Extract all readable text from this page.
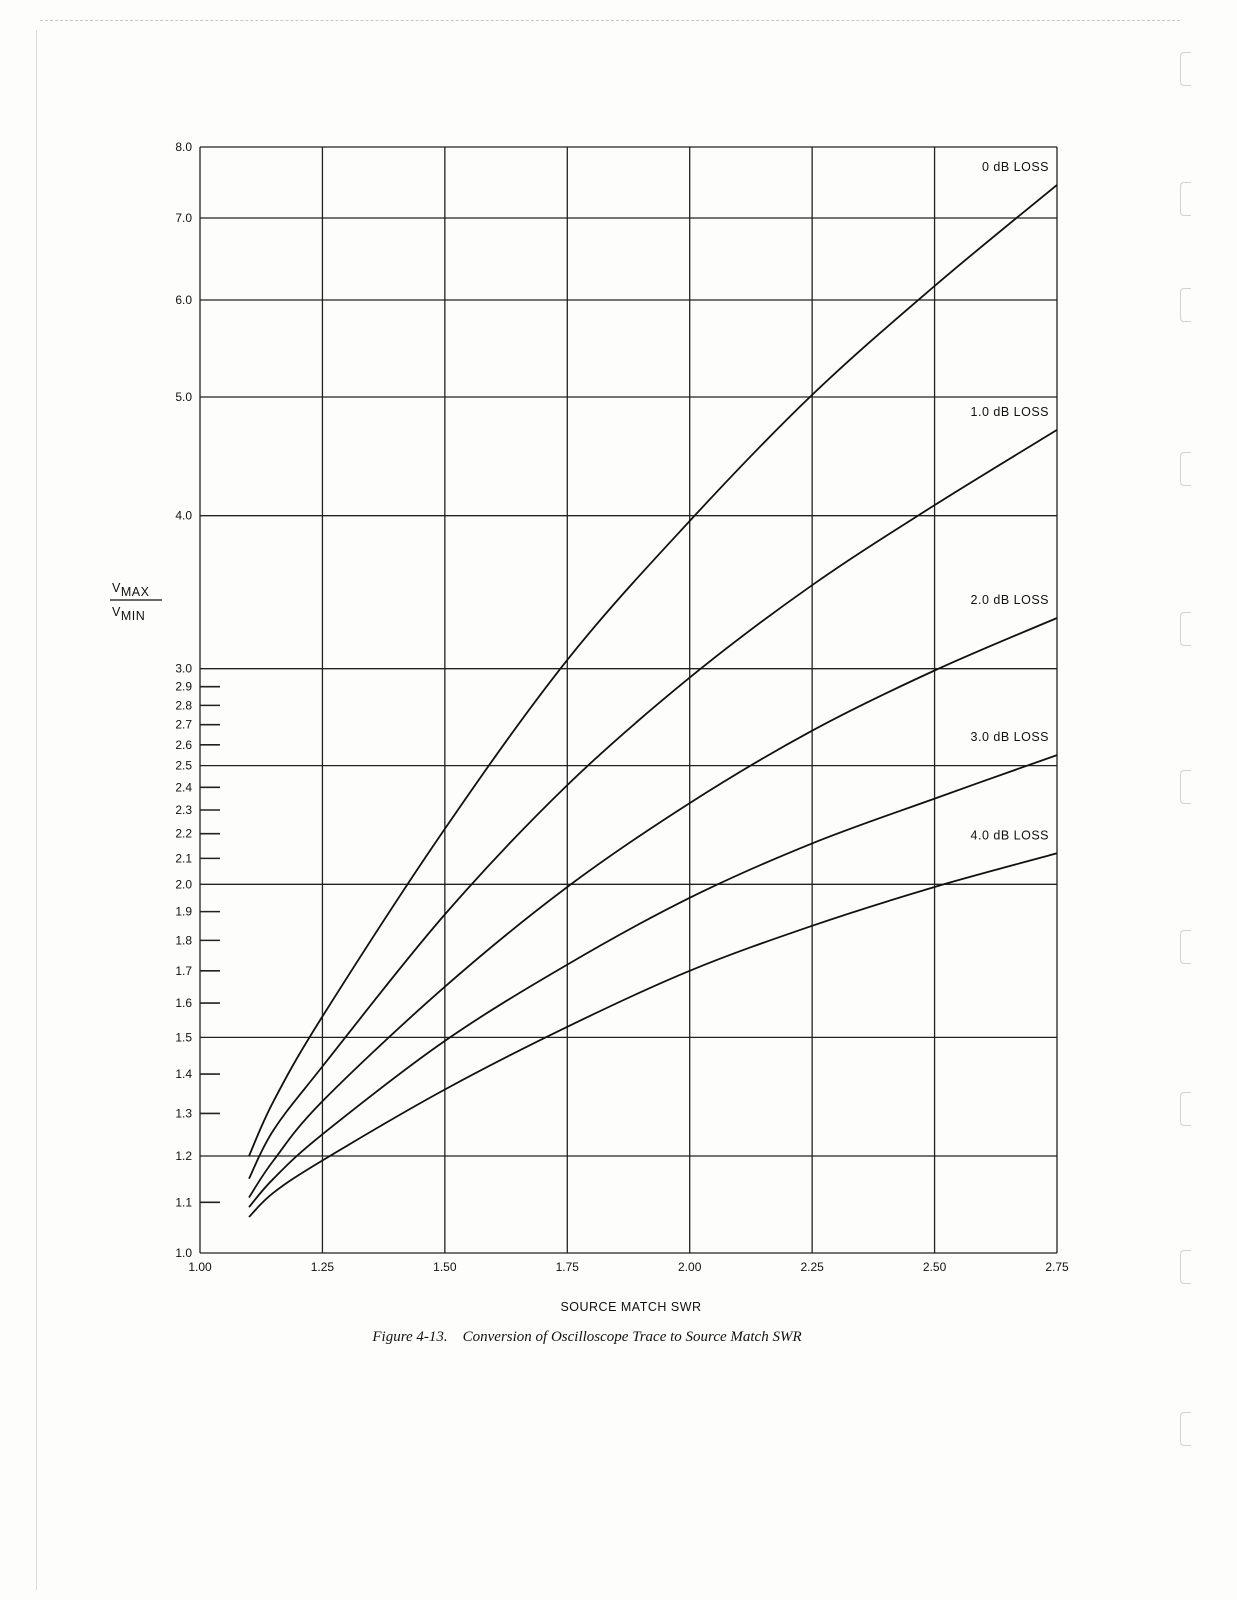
1.00	1.25	1.50	1.75	2.00	2.25	2.50	2.75
1.0
1.2
1.5
2.0
2.5
3.0
4.0
5.0
6.0
7.0
8.0
1.1
1.3
1.4
1.6
1.7
1.8
1.9
2.1
2.2
2.3
2.4
2.6
2.7
2.8
2.9
0 dB LOSS
1.0 dB LOSS
2.0 dB LOSS
3.0 dB LOSS
4.0 dB LOSS
VMAX
VMIN
SOURCE MATCH SWR
Figure 4-13.    Conversion of Oscilloscope Trace to Source Match SWR
